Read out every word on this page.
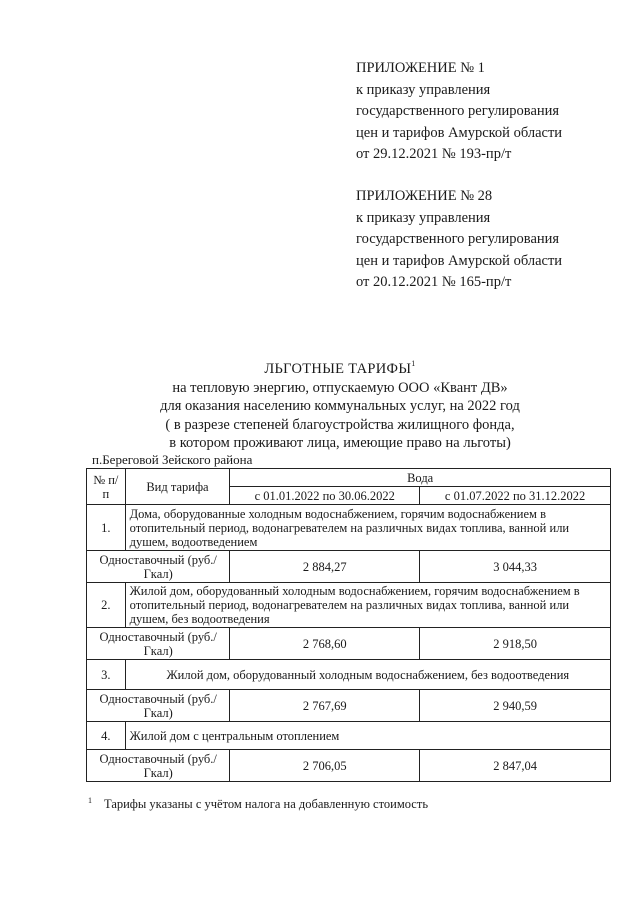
ПРИЛОЖЕНИЕ № 1
к приказу управления
государственного регулирования
цен и тарифов Амурской области
от 29.12.2021 № 193-пр/т
ПРИЛОЖЕНИЕ № 28
к приказу управления
государственного регулирования
цен и тарифов Амурской области
от 20.12.2021 № 165-пр/т
ЛЬГОТНЫЕ ТАРИФЫ$^1$
на тепловую энергию, отпускаемую ООО «Квант ДВ»
для оказания населению коммунальных услуг, на 2022 год
( в разрезе степеней благоустройства жилищного фонда,
в котором проживают лица, имеющие право на льготы)
п.Береговой Зейского района
№ п/п	Вид тарифа	Вода	
		с 01.01.2022 по 30.06.2022	с 01.07.2022 по 31.12.2022
1.	Дома, оборудованные холодным водоснабжением, горячим водоснабжением в отопительный период, водонагревателем на различных видах топлива, ванной или душем, водоотведением		
Одноставочный (руб./Гкал)		2 884,27	3 044,33
2.	Жилой дом, оборудованный холодным водоснабжением, горячим водоснабжением в отопительный период, водонагревателем на различных видах топлива, ванной или душем, без водоотведения		
Одноставочный (руб./Гкал)		2 768,60	2 918,50
3.	Жилой дом, оборудованный холодным водоснабжением, без водоотведения		
Одноставочный (руб./Гкал)		2 767,69	2 940,59
4.	Жилой дом с центральным отоплением		
Одноставочный (руб./Гкал)		2 706,05	2 847,04
$^1$ Тарифы указаны с учётом налога на добавленную стоимость
